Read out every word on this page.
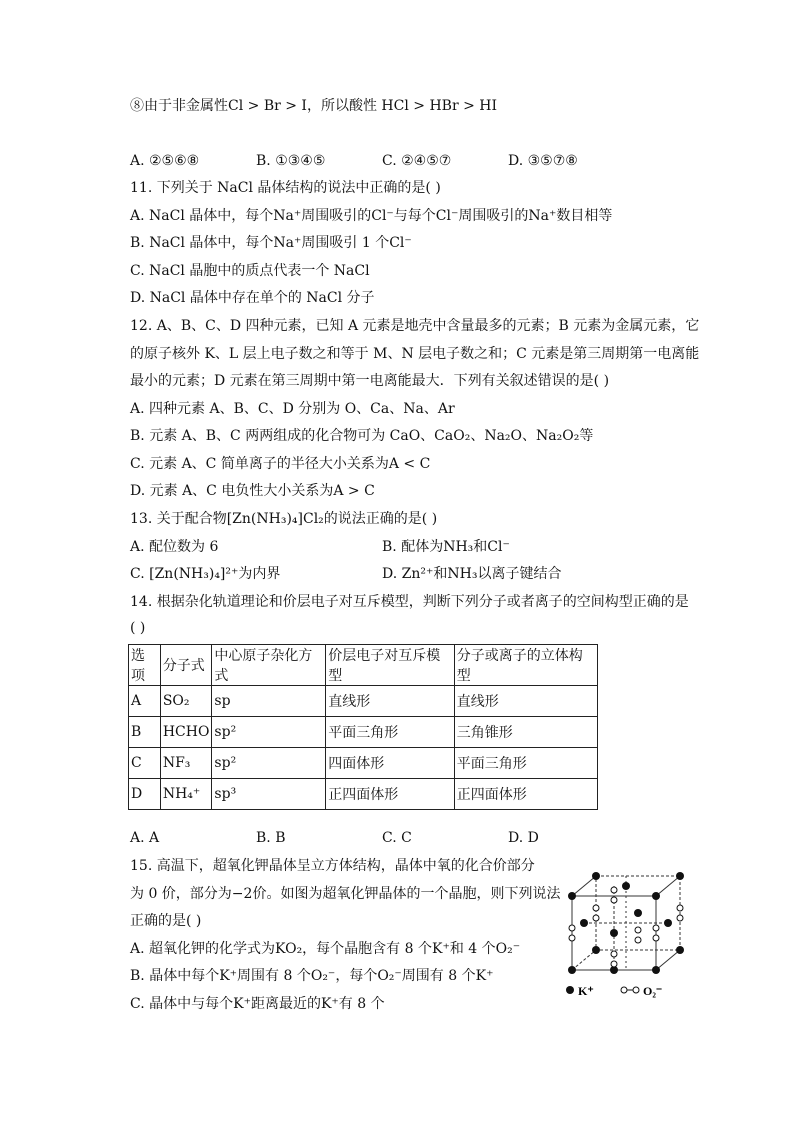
⑧由于非金属性Cl > Br > I，所以酸性 HCl > HBr > HI
A. ②⑤⑥⑧	B. ①③④⑤	C. ②④⑤⑦	D. ③⑤⑦⑧
11. 下列关于 NaCl 晶体结构的说法中正确的是( )
A. NaCl 晶体中，每个Na⁺周围吸引的Cl⁻与每个Cl⁻周围吸引的Na⁺数目相等
B. NaCl 晶体中，每个Na⁺周围吸引 1 个Cl⁻
C. NaCl 晶胞中的质点代表一个 NaCl
D. NaCl 晶体中存在单个的 NaCl 分子
12. A、B、C、D 四种元素，已知 A 元素是地壳中含量最多的元素；B 元素为金属元素，它
的原子核外 K、L 层上电子数之和等于 M、N 层电子数之和；C 元素是第三周期第一电离能
最小的元素；D 元素在第三周期中第一电离能最大．下列有关叙述错误的是( )
A. 四种元素 A、B、C、D 分别为 O、Ca、Na、Ar
B. 元素 A、B、C 两两组成的化合物可为 CaO、CaO₂、Na₂O、Na₂O₂等
C. 元素 A、C 简单离子的半径大小关系为A < C
D. 元素 A、C 电负性大小关系为A > C
13. 关于配合物[Zn(NH₃)₄]Cl₂的说法正确的是( )
A. 配位数为 6	B. 配体为NH₃和Cl⁻
C. [Zn(NH₃)₄]²⁺为内界	D. Zn²⁺和NH₃以离子键结合
14. 根据杂化轨道理论和价层电子对互斥模型，判断下列分子或者离子的空间构型正确的是
( )
选项	分子式	中心原子杂化方式	价层电子对互斥模型	分子或离子的立体构型
A	SO₂	sp	直线形	直线形
B	HCHO	sp²	平面三角形	三角锥形
C	NF₃	sp²	四面体形	平面三角形
D	NH₄⁺	sp³	正四面体形	正四面体形
A. A	B. B	C. C	D. D
15. 高温下，超氧化钾晶体呈立方体结构，晶体中氧的化合价部分
为 0 价，部分为−2价。如图为超氧化钾晶体的一个晶胞，则下列说法
正确的是( )
A. 超氧化钾的化学式为KO₂，每个晶胞含有 8 个K⁺和 4 个O₂⁻
B. 晶体中每个K⁺周围有 8 个O₂⁻，每个O₂⁻周围有 8 个K⁺
C. 晶体中与每个K⁺距离最近的K⁺有 8 个
K⁺	O₂⁻
